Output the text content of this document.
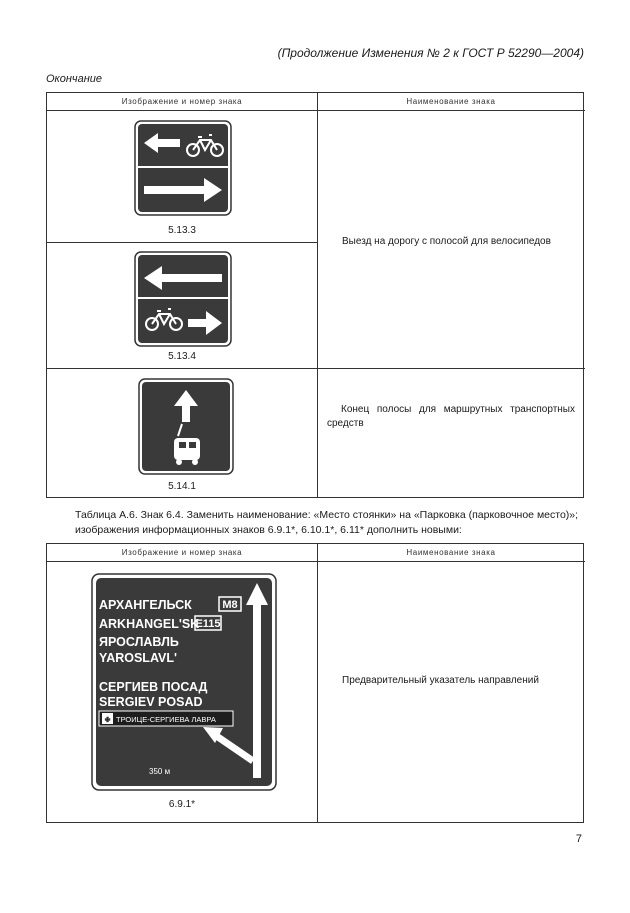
(Продолжение Изменения № 2 к ГОСТ Р 52290—2004)
Окончание
Изображение и номер знака	Наименование знака
5.13.3
5.13.4
Выезд на дорогу с полосой для велосипедов
5.14.1
Конец полосы для маршрутных транспортных средств
Таблица А.6. Знак 6.4. Заменить наименование: «Место стоянки» на «Парковка (парковочное место)»; изображения информационных знаков 6.9.1*, 6.10.1*, 6.11* дополнить новыми:
Изображение и номер знака	Наименование знака
✙
АРХАНГЕЛЬСК	M8
ARKHANGEL'SK
E115
ЯРОСЛАВЛЬ
YAROSLAVL'
СЕРГИЕВ ПОСАД
SERGIEV POSAD
ТРОИЦЕ-СЕРГИЕВА ЛАВРА
350 м
6.9.1*
Предварительный указатель направлений
7
